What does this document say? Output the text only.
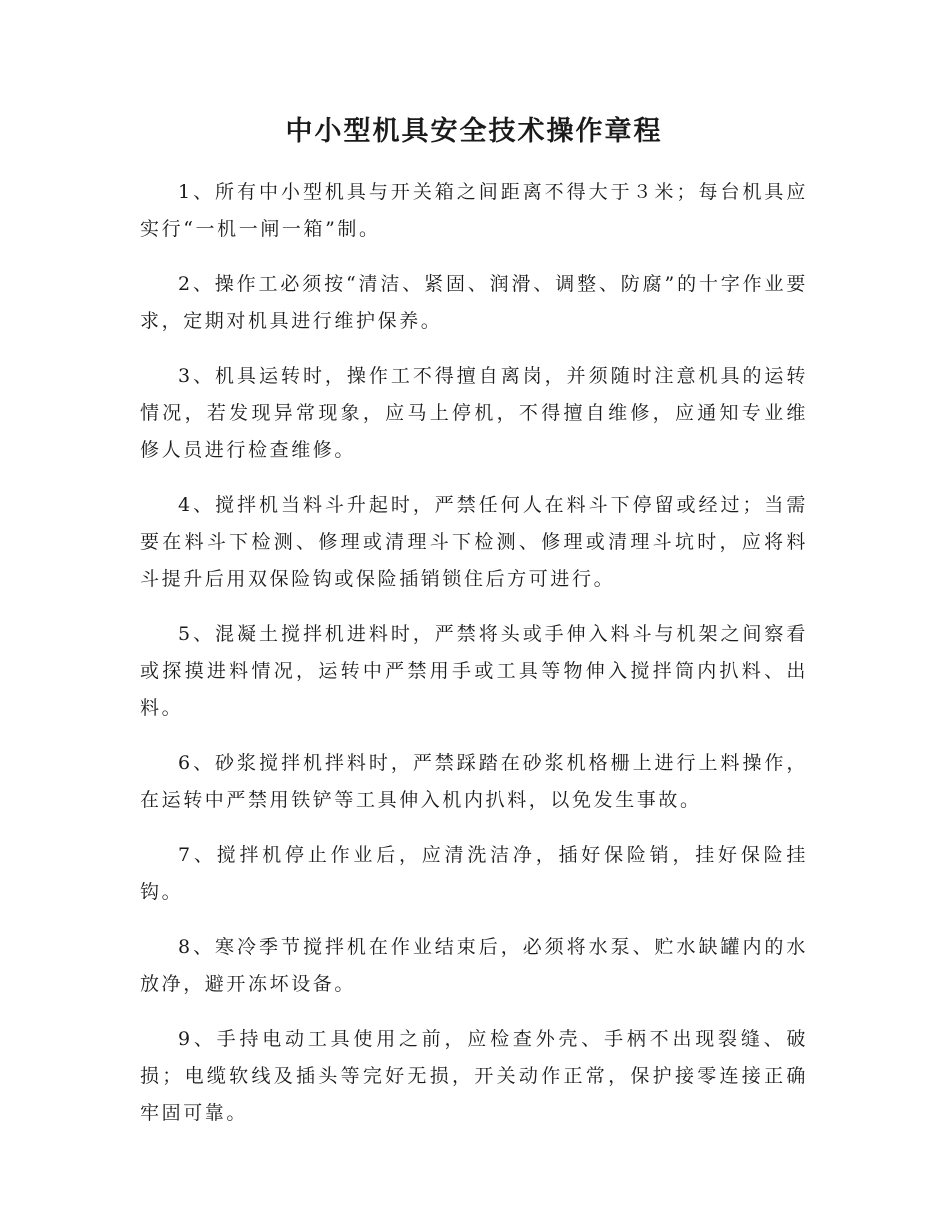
中小型机具安全技术操作章程

1、所有中小型机具与开关箱之间距离不得大于３米；每台机具应实行“一机一闸一箱”制。

2、操作工必须按“清洁、紧固、润滑、调整、防腐”的十字作业要求，定期对机具进行维护保养。

3、机具运转时，操作工不得擅自离岗，并须随时注意机具的运转情况，若发现异常现象，应马上停机，不得擅自维修，应通知专业维修人员进行检查维修。

4、搅拌机当料斗升起时，严禁任何人在料斗下停留或经过；当需要在料斗下检测、修理或清理斗下检测、修理或清理斗坑时，应将料斗提升后用双保险钩或保险插销锁住后方可进行。

5、混凝土搅拌机进料时，严禁将头或手伸入料斗与机架之间察看或探摸进料情况，运转中严禁用手或工具等物伸入搅拌筒内扒料、出料。

6、砂浆搅拌机拌料时，严禁踩踏在砂浆机格栅上进行上料操作，在运转中严禁用铁铲等工具伸入机内扒料，以免发生事故。

7、搅拌机停止作业后，应清洗洁净，插好保险销，挂好保险挂钩。

8、寒冷季节搅拌机在作业结束后，必须将水泵、贮水缺罐内的水放净，避开冻坏设备。

9、手持电动工具使用之前，应检查外壳、手柄不出现裂缝、破损；电缆软线及插头等完好无损，开关动作正常，保护接零连接正确牢固可靠。
